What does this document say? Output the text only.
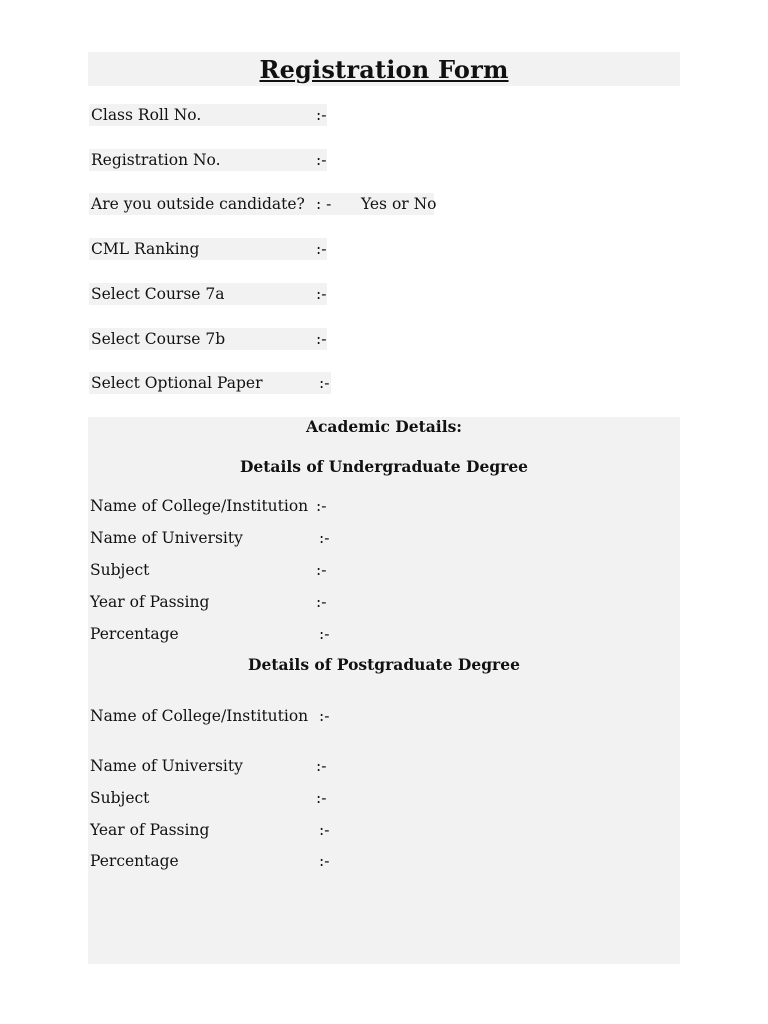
Registration Form
Class Roll No.	:-
Registration No.	:-
Are you outside candidate? : - Yes or No
CML Ranking	:-
Select Course 7a	:-
Select Course 7b	:-
Select Optional Paper	:-
Academic Details:
Details of Undergraduate Degree
Name of College/Institution :-
Name of University	:-
Subject	:-
Year of Passing	:-
Percentage	:-
Details of Postgraduate Degree
Name of College/Institution :-
Name of University	:-
Subject	:-
Year of Passing	:-
Percentage	:-
